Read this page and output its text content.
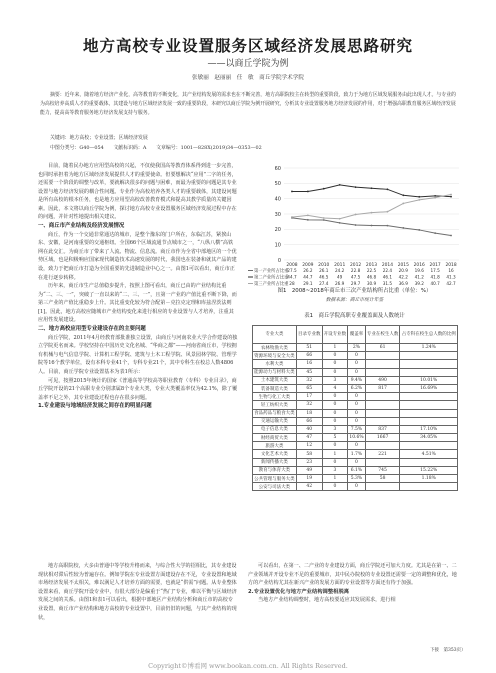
地方高校专业设置服务区域经济发展思路研究
——以商丘学院为例
张敏丽　赵丽丽　任　敏　商丘学院学术学院
摘要：近年来，随着地方经济产业化，高等教育的不断变化，其产业结构发展的需求也在不断完善，地方高职院校主在转型的重要阶段，致力于为地方区域发展服务由此出现人才。与专业的为高校培养高质人才的重要载体，其建设与地方区域经济发展一致的重要阶段，本研究以商丘学院为例开展研究，分析其专业设置服务地方经济发展的作用，对于增强高职教育服务区域经济发展能力，提高高等教育服务地方经济发展支持与服务。
关键词：地方高校；专业设置；区域经济发展
中图分类号：G40—054　　文献标识码：A　　文章编号：1001—828X(2019)34—0353—02

目前，随着民办地方应用型高校的兴起，不仅使我国高等教育体系得到进一步完善，也同时承担着为地方区域经济发展提供人才的重要使命。但要想解决“应用”二字的任务，还需要一个阶段的调整与改革，要就解决很多的问题与困难，而最为重要的问题是其专业设置与地方经济发展的耦合性问题。专业作为高校培养各类人才的重要载体，其建设问题是所有高校的根本任务，也是地方应用型高校改善教育模式和提高其教学质量的关键因素。因此，本文将以商丘学院为例，探讨地方高校专业设置服务区域经济发展过程中存在的问题，并针对性地提出相关建议。

一、商丘市产业结构及经济发展情况

商丘，作为一个交通非常通达的城市，是整个豫东的门户所在，东临江苏，紧挨山东、安徽，是河南重要的交通枢纽。全国66个区域流通节点城市之一，“八纵八横”高铁网在此交汇。为商丘市了带来了人流、物流、信息流。商丘市作为全省中部地区的一个优势区域，也是积极响应国家现代制造技术高速发展的时代，我国也在装备和就其产品的建设，致力于把商丘市打造为全国重要的先进制造业中心之一。由图1可以看出，商丘市正在进行逐步转移。

历年来，商丘市生产总值稳步提升，按照上图可看出，商丘已由的产业结构比重为“二、三、一”，突破了一直以来的“二、三、一”，且第一产业的产值比重不断下降，而第三产业的产值比重稳步上升。其比重变化较为符合配第－克拉克定理和库兹涅茨法则[1]。因此，地方高校应随城市产业结构变化来进行相应的专业设置与人才培养，注重其应用性发展建设。

二、地方高校应用型专业建设存在的主要问题

商丘学院，2011年4月经教育部批准独立设置，由商丘与河南农业大学合作建设的独立学院更名而来。学校坚持在中国历史文化名城、“华商之都”——河南省商丘市，学校拥有机械与电气信息学院、计算机工程学院、建筑与土木工程学院、风景园林学院、管理学院等16个教学单位，设有本科专业41个，专科专业21个，其中专科生在校总人数4806人。目前，商丘学院专业设置基本为表1所示：

可见，按照2015年统计的国家《普通高等学校高等职业教育（专科）专业目录》，商丘学院开设的21个高职专业分别隶属8个专业大类，专业大类覆盖率仅为42.1%，除了覆盖率不足之外，其专业建设过程也存在很多问题。

1.专业建设与地域经济发展之间存在的明显问题
0
10
20
30
40
50
60
2008 2009 2010 2011 2012 2013 2014 2015 2016 2017 2018
第一产业所占比重
27.5 26.2 26.1 24.2 22.8 22.5 22.4 20.9 19.6 17.5 16
第二产业所占比重
44.7 44.7 46.5 49 47.5 46.8 46.1 42.2 41.2 41.8 41.3
第三产业所占比重 28 29.1 27.4 26.9 29.7 30.9 31.5 36.9 39.2 40.7 42.7
图1　2008~2018年商丘市三次产业结构所占比重（单位：%）
数据来源：商丘市统计年鉴
表1　商丘学院高职专业覆盖面及人数统计
专业大类	目录专业数	开设专业数	覆盖率	专业在校生人数	占专科在校生总人数的比例
农林牧渔大类	51	1	2%	61	1.24%
资源环境与安全大类	66	0	0		
水利大类	16	0	0		
能源动力与材料大类	45	0	0		
土木建筑大类	32	3	9.4%	490	10.01%
装备制造大类	65	4	6.2%	817	16.69%
生物与化工大类	17	0	0		
轻工纺织大类	32	0	0		
食品药品与粮食大类	18	0	0		
交通运输大类	66	0	0		
电子信息大类	40	3	7.5%	837	17.10%
财经商贸大类	47	5	10.6%	1667	34.05%
旅游大类	12	0	0		
文化艺术大类	58	1	1.7%	221	4.51%
新闻传播大类	23	0	0		
教育与体育大类	49	3	6.1%	745	15.22%
公共管理与服务大类	19	1	5.3%	58	1.18%
公安与司法大类	42	0	0		

地方高职院校，大多由普通中等学校升格而来，与综合性大学的招相比，其专业建设现状相对滞后性较为普遍存在。例如学院在专业设置方面建设存在不足，专业设置和地域市场经济发展不太相关，难以满足人才培养方面的需要，也就是“供需”问题。从专业整体设置来看，商丘学院开设专业中，有很大部分是偏重于“热门”专业，难以平衡与区域经济发展之间的关系。由图1和表1可以看出，根据中部地区产业结构分析和商丘市的高校专业设置，商丘市产业结构和地方高校的专业设置中，目前仍旧的问题，与其产业结构的现状，

可以看出，在第一、二产业的专业建设方面，商丘学院还可加大力度。尤其是在第一、二产业领域并开设专业不足的重要城市，其中民办院校的专业设置还需要一定的调整和优化，地方的产业结构尤其在新兴产业的发展方面的专业设置等方面还有待于加强。

2.专业设置优化与地方产业结构调整相脱离

当地方产业结构调整时，地方高校要适应其发展需求，进行相

下接　第353页）
Copyright©博看网 www.bookan.com.cn. All Rights Reserved.
